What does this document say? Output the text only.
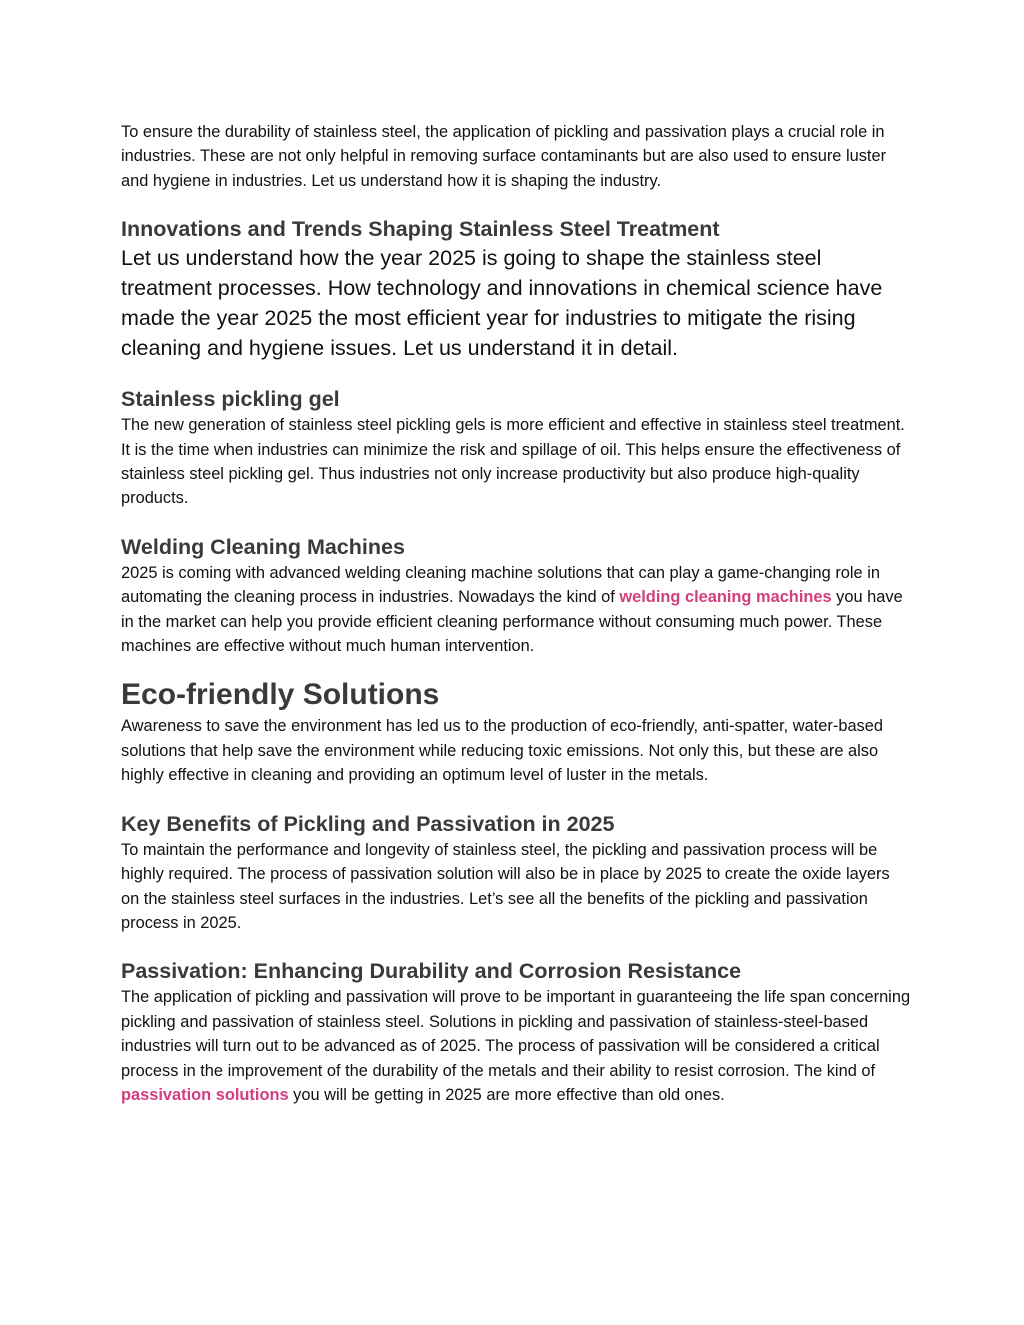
To ensure the durability of stainless steel, the application of pickling and passivation plays a crucial role in industries. These are not only helpful in removing surface contaminants but are also used to ensure luster and hygiene in industries. Let us understand how it is shaping the industry.

Innovations and Trends Shaping Stainless Steel Treatment

Let us understand how the year 2025 is going to shape the stainless steel treatment processes. How technology and innovations in chemical science have made the year 2025 the most efficient year for industries to mitigate the rising cleaning and hygiene issues. Let us understand it in detail.

Stainless pickling gel

The new generation of stainless steel pickling gels is more efficient and effective in stainless steel treatment. It is the time when industries can minimize the risk and spillage of oil. This helps ensure the effectiveness of stainless steel pickling gel. Thus industries not only increase productivity but also produce high-quality products.

Welding Cleaning Machines

2025 is coming with advanced welding cleaning machine solutions that can play a game-changing role in automating the cleaning process in industries. Nowadays the kind of welding cleaning machines you have in the market can help you provide efficient cleaning performance without consuming much power. These machines are effective without much human intervention.

Eco-friendly Solutions

Awareness to save the environment has led us to the production of eco-friendly, anti-spatter, water-based solutions that help save the environment while reducing toxic emissions. Not only this, but these are also highly effective in cleaning and providing an optimum level of luster in the metals.

Key Benefits of Pickling and Passivation in 2025

To maintain the performance and longevity of stainless steel, the pickling and passivation process will be highly required. The process of passivation solution will also be in place by 2025 to create the oxide layers on the stainless steel surfaces in the industries. Let’s see all the benefits of the pickling and passivation process in 2025.

Passivation: Enhancing Durability and Corrosion Resistance

The application of pickling and passivation will prove to be important in guaranteeing the life span concerning pickling and passivation of stainless steel. Solutions in pickling and passivation of stainless-steel-based industries will turn out to be advanced as of 2025. The process of passivation will be considered a critical process in the improvement of the durability of the metals and their ability to resist corrosion. The kind of passivation solutions you will be getting in 2025 are more effective than old ones.
